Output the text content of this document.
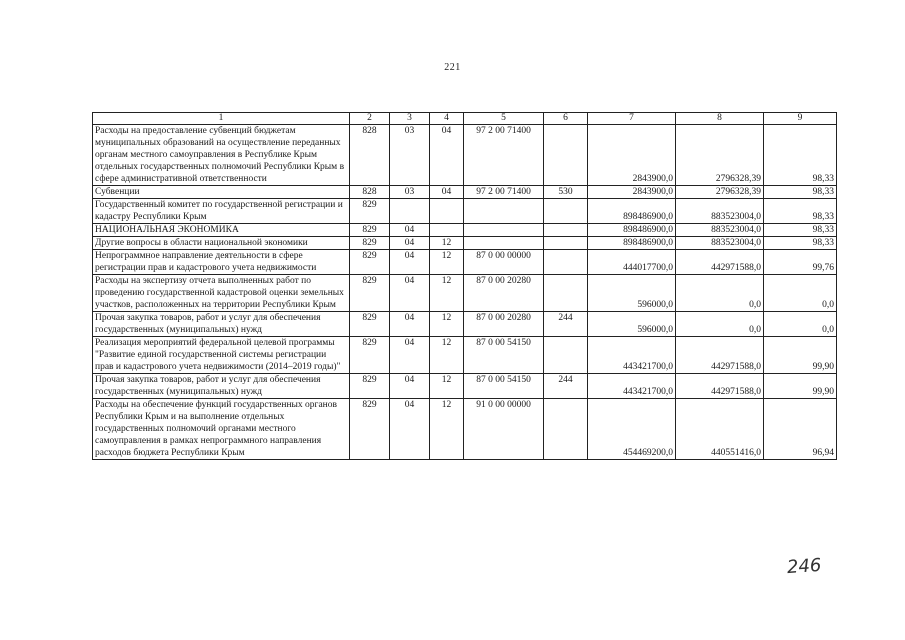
221
1	2	3	4	5	6	7	8	9
Расходы на предоставление субвенций бюджетам муниципальных образований на осуществление переданных органам местного самоуправления в Республике Крым отдельных государственных полномочий Республики Крым в сфере административной ответственности	828	03	04	97 2 00 71400		2843900,0	2796328,39	98,33
Субвенции	828	03	04	97 2 00 71400	530	2843900,0	2796328,39	98,33
Государственный комитет по государственной регистрации и кадастру Республики Крым	829					898486900,0	883523004,0	98,33
НАЦИОНАЛЬНАЯ ЭКОНОМИКА	829	04				898486900,0	883523004,0	98,33
Другие вопросы в области национальной экономики	829	04	12			898486900,0	883523004,0	98,33
Непрограммное направление деятельности в сфере регистрации прав и кадастрового учета недвижимости	829	04	12	87 0 00 00000		444017700,0	442971588,0	99,76
Расходы на экспертизу отчета выполненных работ по проведению государственной кадастровой оценки земельных участков, расположенных на территории Республики Крым	829	04	12	87 0 00 20280		596000,0	0,0	0,0
Прочая закупка товаров, работ и услуг для обеспечения государственных (муниципальных) нужд	829	04	12	87 0 00 20280	244	596000,0	0,0	0,0
Реализация мероприятий федеральной целевой программы "Развитие единой государственной системы регистрации прав и кадастрового учета недвижимости (2014–2019 годы)"	829	04	12	87 0 00 54150		443421700,0	442971588,0	99,90
Прочая закупка товаров, работ и услуг для обеспечения государственных (муниципальных) нужд	829	04	12	87 0 00 54150	244	443421700,0	442971588,0	99,90
Расходы на обеспечение функций государственных органов Республики Крым и на выполнение отдельных государственных полномочий органами местного самоуправления в рамках непрограммного направления расходов бюджета Республики Крым	829	04	12	91 0 00 00000		454469200,0	440551416,0	96,94
246
